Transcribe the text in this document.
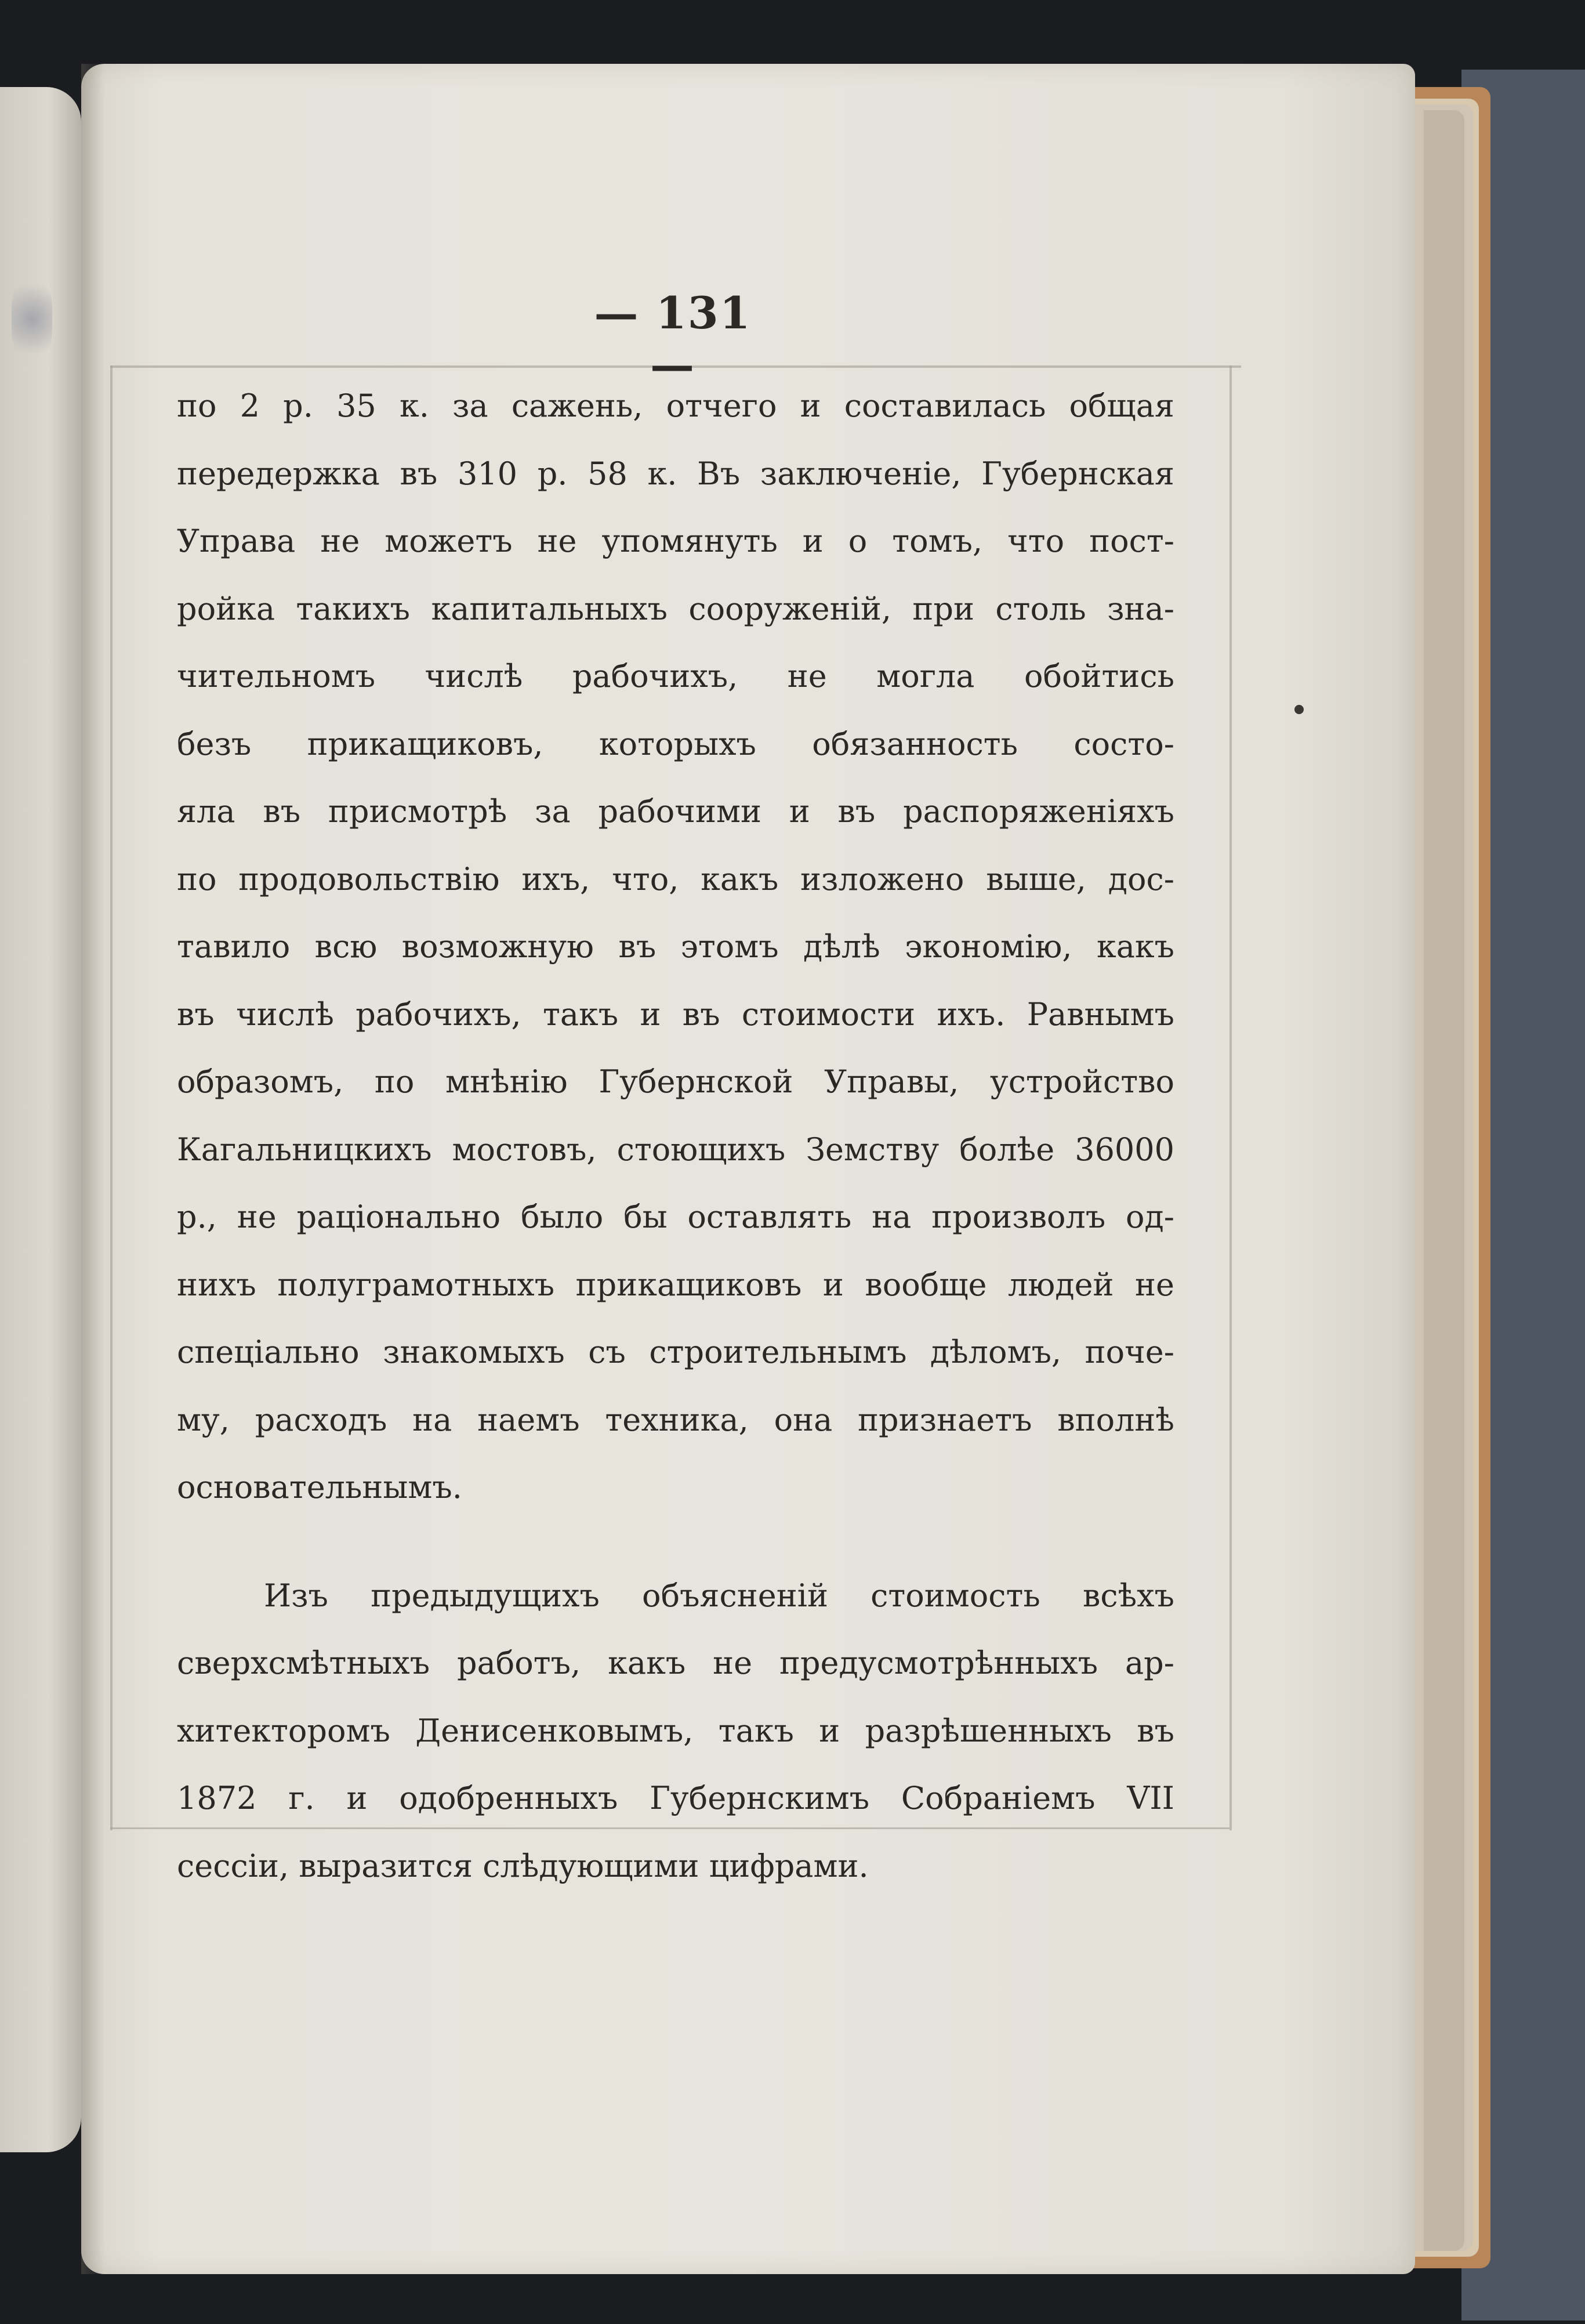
— 131 —
по 2 р. 35 к. за сажень, отчего и составилась общая
передержка въ 310 р. 58 к. Въ заключеніе, Губернская
Управа не можетъ не упомянуть и о томъ, что пост-
ройка такихъ капитальныхъ сооруженій, при столь зна-
чительномъ числѣ рабочихъ, не могла обойтись
безъ прикащиковъ, которыхъ обязанность состо-
яла въ присмотрѣ за рабочими и въ распоряженіяхъ
по продовольствію ихъ, что, какъ изложено выше, дос-
тавило всю возможную въ этомъ дѣлѣ экономію, какъ
въ числѣ рабочихъ, такъ и въ стоимости ихъ. Равнымъ
образомъ, по мнѣнію Губернской Управы, устройство
Кагальницкихъ мостовъ, стоющихъ Земству болѣе 36000
р., не раціонально было бы оставлять на произволъ од-
нихъ полуграмотныхъ прикащиковъ и вообще людей не
спеціально знакомыхъ съ строительнымъ дѣломъ, поче-
му, расходъ на наемъ техника, она признаетъ вполнѣ
основательнымъ.
Изъ предыдущихъ объясненій стоимость всѣхъ
сверхсмѣтныхъ работъ, какъ не предусмотрѣнныхъ ар-
хитекторомъ Денисенковымъ, такъ и разрѣшенныхъ въ
1872 г. и одобренныхъ Губернскимъ Собраніемъ VII
сессіи, выразится слѣдующими цифрами.
